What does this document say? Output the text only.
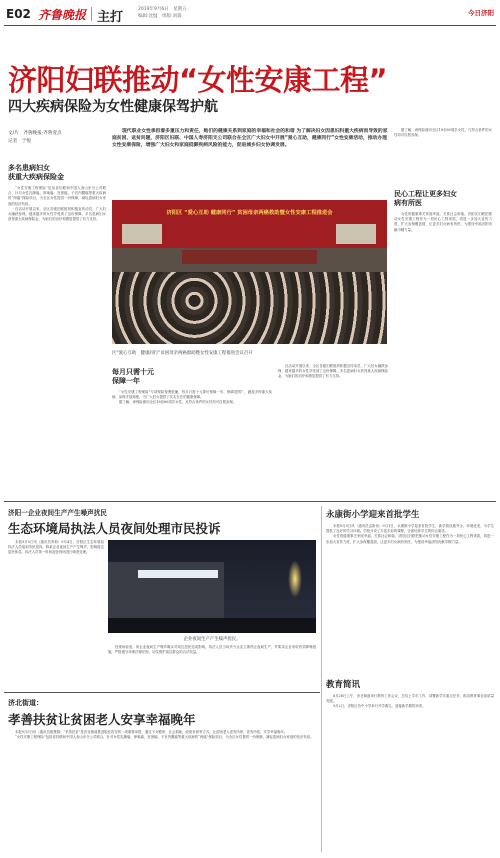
E02 齐鲁晚报 主打
2019年9月6日　星期五
编辑:沈愠　组版:刘森	今日济阳
济阳妇联推动“女性安康工程”
四大疾病保险为女性健康保驾护航
文/片　齐鲁晚报·齐鲁壹点
记者　于悦
现代职业女性承担着多重压力和责任，她们的健康关系到家庭的幸福和社会的和谐 为了解决妇女因患妇科重大疾病而导致的家庭贫困、返贫问题，济阳区妇联、中国人寿济阳支公司联合在全区广大妇女中开展“爱心互助，健康同行”女性安康活动，推动办理女性安康保险，增强广大妇女和家庭抵御疾病风险的能力，促进城乡妇女协调发展。
多名患病妇女
获重大疾病保险金

“女性安康工程保险”包括省妇联和中国人寿山东分公司联合，针对女性乳腺癌、卵巢癌、宫颈癌、子宫内膜癌等重大疾病的“两癌”保险项目，为全区女性提供一份保障，减轻患病妇女家庭的经济负担。

自活动开展以来，全区各级妇联组织积极宣传动员，广大妇女踊跃参保，越来越多的女性享受到了这份保障，多名患病妇女获得重大疾病保险金，为她们的治疗和康复提供了有力支持。

济阳区 “爱心互助 健康同行” 贫困母亲两癌救助暨女性安康工程推进会
区“爱心互助　健康同行”贫困母亲两癌救助暨女性安康工程推进会议召开
每月只需十元
保障一年

“女性安康工程保险”专项保险保费低廉，每月只需十元即可保障一年，保障范围广，涵盖多种重大疾病，参保手续简便，为广大妇女提供了实实在在的健康保障。

据了解，该保险面向全区18至60周岁女性，凡符合条件的女性均可自愿参保。

自活动开展以来，全区各级妇联组织积极宣传动员，广大妇女踊跃参保，越来越多的女性享受到了这份保障，多名患病妇女获得重大疾病保险金，为她们的治疗和康复提供了有力支持。

据了解，该保险面向全区18至60周岁女性，凡符合条件的女性均可自愿参保。

民心工程让更多妇女
病有所医

女性的健康事关家庭幸福、关系社会和谐。济阳区妇联把推动女性安康工程作为一项民心工程来抓，将进一步加大宣传力度，扩大参保覆盖面，让更多妇女病有所医，为建设幸福济阳贡献巾帼力量。

济阳一企业夜间生产产生噪声扰民
生态环境局执法人员夜间处理市民投诉

本报9月5日讯（通讯员李莉）9月4日，济阳区生态环境局执法人员接到市民投诉，称某企业夜间生产产生噪声，影响周边居民休息。执法人员第一时间赶赴现场进行调查处理。

企业夜间生产产生噪声扰民。

经现场检查，该企业夜间生产噪声确实对周边居民造成影响，执法人员当场责令企业立即停止夜间生产，并要求企业采取有效降噪措施，严格遵守环保法律法规，切实维护周边群众的合法权益。

永康街小学迎来首批学生

本报9月5日讯（通讯员孟新伟）9月1日，永康街小学迎来首批学生，新学校设施齐全、环境优美，为学生提供了良好的学习环境。学校开设了丰富多彩的课程，全面培养学生的综合素质。

女性的健康事关家庭幸福、关系社会和谐。济阳区妇联把推动女性安康工程作为一项民心工程来抓，将进一步加大宣传力度，扩大参保覆盖面，让更多妇女病有所医，为建设幸福济阳贡献巾帼力量。

济北街道：
孝善扶贫让贫困老人安享幸福晚年

本报9月5日讯（通讯员骆慧娟）“孝善扶贫”是济北街道推进脱贫攻坚的一项重要举措，通过子女赡养、社会捐助、政府补贴等方式，让贫困老人老有所养、老有所依，安享幸福晚年。

“女性安康工程保险”包括省妇联和中国人寿山东分公司联合，针对女性乳腺癌、卵巢癌、宫颈癌、子宫内膜癌等重大疾病的“两癌”保险项目，为全区女性提供一份保障，减轻患病妇女家庭的经济负担。

教育简讯

8月28日上午，济北街道举行教育工作会议，总结上学年工作，部署新学年重点任务，推动教育事业高质量发展。

9月2日，济阳区各中小学举行开学典礼，迎接新学期的到来。
